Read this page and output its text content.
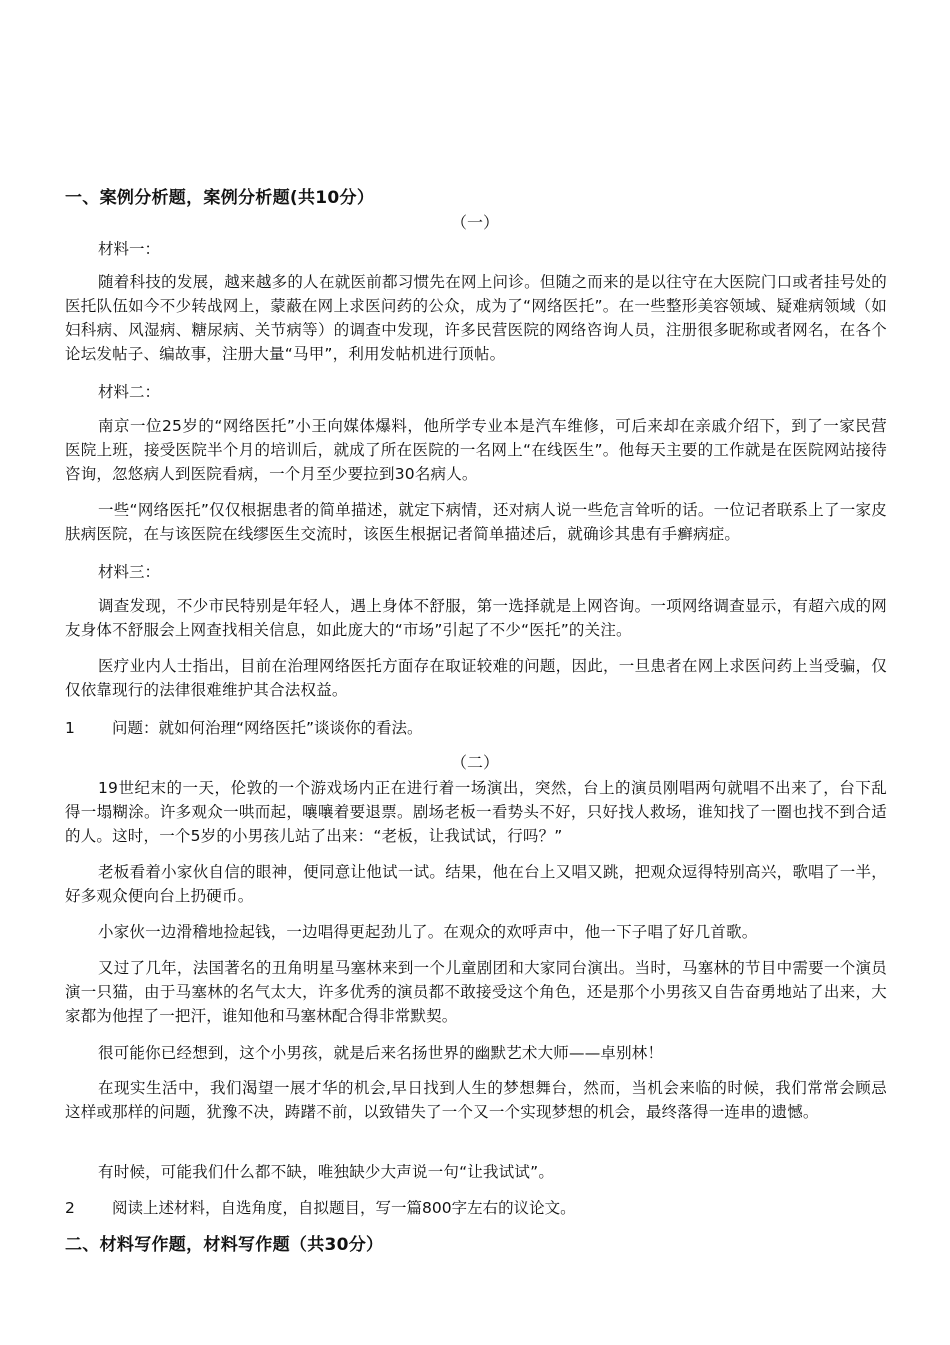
一、案例分析题，案例分析题(共10分）
（一）
材料一：
随着科技的发展，越来越多的人在就医前都习惯先在网上问诊。但随之而来的是以往守在大医院门口或者挂号处的医托队伍如今不少转战网上，蒙蔽在网上求医问药的公众，成为了“网络医托”。在一些整形美容领域、疑难病领域（如妇科病、风湿病、糖尿病、关节病等）的调查中发现，许多民营医院的网络咨询人员，注册很多昵称或者网名，在各个论坛发帖子、编故事，注册大量“马甲”，利用发帖机进行顶帖。
材料二：
南京一位25岁的“网络医托”小王向媒体爆料，他所学专业本是汽车维修，可后来却在亲戚介绍下，到了一家民营医院上班，接受医院半个月的培训后，就成了所在医院的一名网上“在线医生”。他每天主要的工作就是在医院网站接待咨询，忽悠病人到医院看病，一个月至少要拉到30名病人。
一些“网络医托”仅仅根据患者的简单描述，就定下病情，还对病人说一些危言耸听的话。一位记者联系上了一家皮肤病医院，在与该医院在线缪医生交流时，该医生根据记者简单描述后，就确诊其患有手癣病症。
材料三：
调查发现，不少市民特别是年轻人，遇上身体不舒服，第一选择就是上网咨询。一项网络调查显示，有超六成的网友身体不舒服会上网查找相关信息，如此庞大的“市场”引起了不少“医托”的关注。
医疗业内人士指出，目前在治理网络医托方面存在取证较难的问题，因此，一旦患者在网上求医问药上当受骗，仅仅依靠现行的法律很难维护其合法权益。
1 问题：就如何治理“网络医托”谈谈你的看法。
（二）
19世纪末的一天，伦敦的一个游戏场内正在进行着一场演出，突然，台上的演员刚唱两句就唱不出来了，台下乱得一塌糊涂。许多观众一哄而起，嚷嚷着要退票。剧场老板一看势头不好，只好找人救场，谁知找了一圈也找不到合适的人。这时，一个5岁的小男孩儿站了出来：“老板，让我试试，行吗？”
老板看着小家伙自信的眼神，便同意让他试一试。结果，他在台上又唱又跳，把观众逗得特别高兴，歌唱了一半，好多观众便向台上扔硬币。
小家伙一边滑稽地捡起钱，一边唱得更起劲儿了。在观众的欢呼声中，他一下子唱了好几首歌。
又过了几年，法国著名的丑角明星马塞林来到一个儿童剧团和大家同台演出。当时，马塞林的节目中需要一个演员演一只猫，由于马塞林的名气太大，许多优秀的演员都不敢接受这个角色，还是那个小男孩又自告奋勇地站了出来，大家都为他捏了一把汗，谁知他和马塞林配合得非常默契。
很可能你已经想到，这个小男孩，就是后来名扬世界的幽默艺术大师——卓别林！
在现实生活中，我们渴望一展才华的机会,早日找到人生的梦想舞台，然而，当机会来临的时候，我们常常会顾忌这样或那样的问题，犹豫不决，踌躇不前，以致错失了一个又一个实现梦想的机会，最终落得一连串的遗憾。
有时候，可能我们什么都不缺，唯独缺少大声说一句“让我试试”。
2 阅读上述材料，自选角度，自拟题目，写一篇800字左右的议论文。
二、材料写作题，材料写作题（共30分）
